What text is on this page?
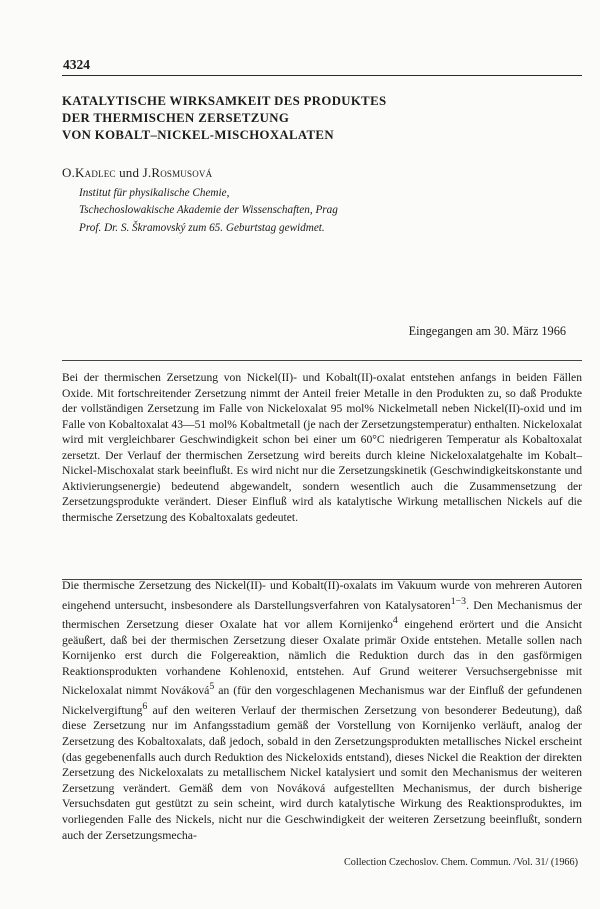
4324
KATALYTISCHE WIRKSAMKEIT DES PRODUKTES
DER THERMISCHEN ZERSETZUNG
VON KOBALT–NICKEL-MISCHOXALATEN
O.Kadlec und J.Rosmusová
Institut für physikalische Chemie,
Tschechoslowakische Akademie der Wissenschaften, Prag
Prof. Dr. S. Škramovský zum 65. Geburtstag gewidmet.
Eingegangen am 30. März 1966
Bei der thermischen Zersetzung von Nickel(II)- und Kobalt(II)-oxalat entstehen anfangs in beiden Fällen Oxide. Mit fortschreitender Zersetzung nimmt der Anteil freier Metalle in den Produkten zu, so daß Produkte der vollständigen Zersetzung im Falle von Nickeloxalat 95 mol% Nickelmetall neben Nickel(II)-oxid und im Falle von Kobaltoxalat 43—51 mol% Kobaltmetall (je nach der Zersetzungstemperatur) enthalten. Nickeloxalat wird mit vergleichbarer Geschwindigkeit schon bei einer um 60°C niedrigeren Temperatur als Kobaltoxalat zersetzt. Der Verlauf der thermischen Zersetzung wird bereits durch kleine Nickeloxalatgehalte im Kobalt–Nickel-Mischoxalat stark beeinflußt. Es wird nicht nur die Zersetzungskinetik (Geschwindigkeitskonstante und Aktivierungsenergie) bedeutend abgewandelt, sondern wesentlich auch die Zusammensetzung der Zersetzungsprodukte verändert. Dieser Einfluß wird als katalytische Wirkung metallischen Nickels auf die thermische Zersetzung des Kobaltoxalats gedeutet.
Die thermische Zersetzung des Nickel(II)- und Kobalt(II)-oxalats im Vakuum wurde von mehreren Autoren eingehend untersucht, insbesondere als Darstellungsverfahren von Katalysatoren$^{1-3}$. Den Mechanismus der thermischen Zersetzung dieser Oxalate hat vor allem Kornijenko$^4$ eingehend erörtert und die Ansicht geäußert, daß bei der thermischen Zersetzung dieser Oxalate primär Oxide entstehen. Metalle sollen nach Kornijenko erst durch die Folgereaktion, nämlich die Reduktion durch das in den gasförmigen Reaktionsprodukten vorhandene Kohlenoxid, entstehen. Auf Grund weiterer Versuchsergebnisse mit Nickeloxalat nimmt Nováková$^5$ an (für den vorgeschlagenen Mechanismus war der Einfluß der gefundenen Nickelvergiftung$^6$ auf den weiteren Verlauf der thermischen Zersetzung von besonderer Bedeutung), daß diese Zersetzung nur im Anfangsstadium gemäß der Vorstellung von Kornijenko verläuft, analog der Zersetzung des Kobaltoxalats, daß jedoch, sobald in den Zersetzungsprodukten metallisches Nickel erscheint (das gegebenenfalls auch durch Reduktion des Nickeloxids entstand), dieses Nickel die Reaktion der direkten Zersetzung des Nickeloxalats zu metallischem Nickel katalysiert und somit den Mechanismus der weiteren Zersetzung verändert. Gemäß dem von Nováková aufgestellten Mechanismus, der durch bisherige Versuchsdaten gut gestützt zu sein scheint, wird durch katalytische Wirkung des Reaktionsproduktes, im vorliegenden Falle des Nickels, nicht nur die Geschwindigkeit der weiteren Zersetzung beeinflußt, sondern auch der Zersetzungsmecha-
Collection Czechoslov. Chem. Commun. /Vol. 31/ (1966)
